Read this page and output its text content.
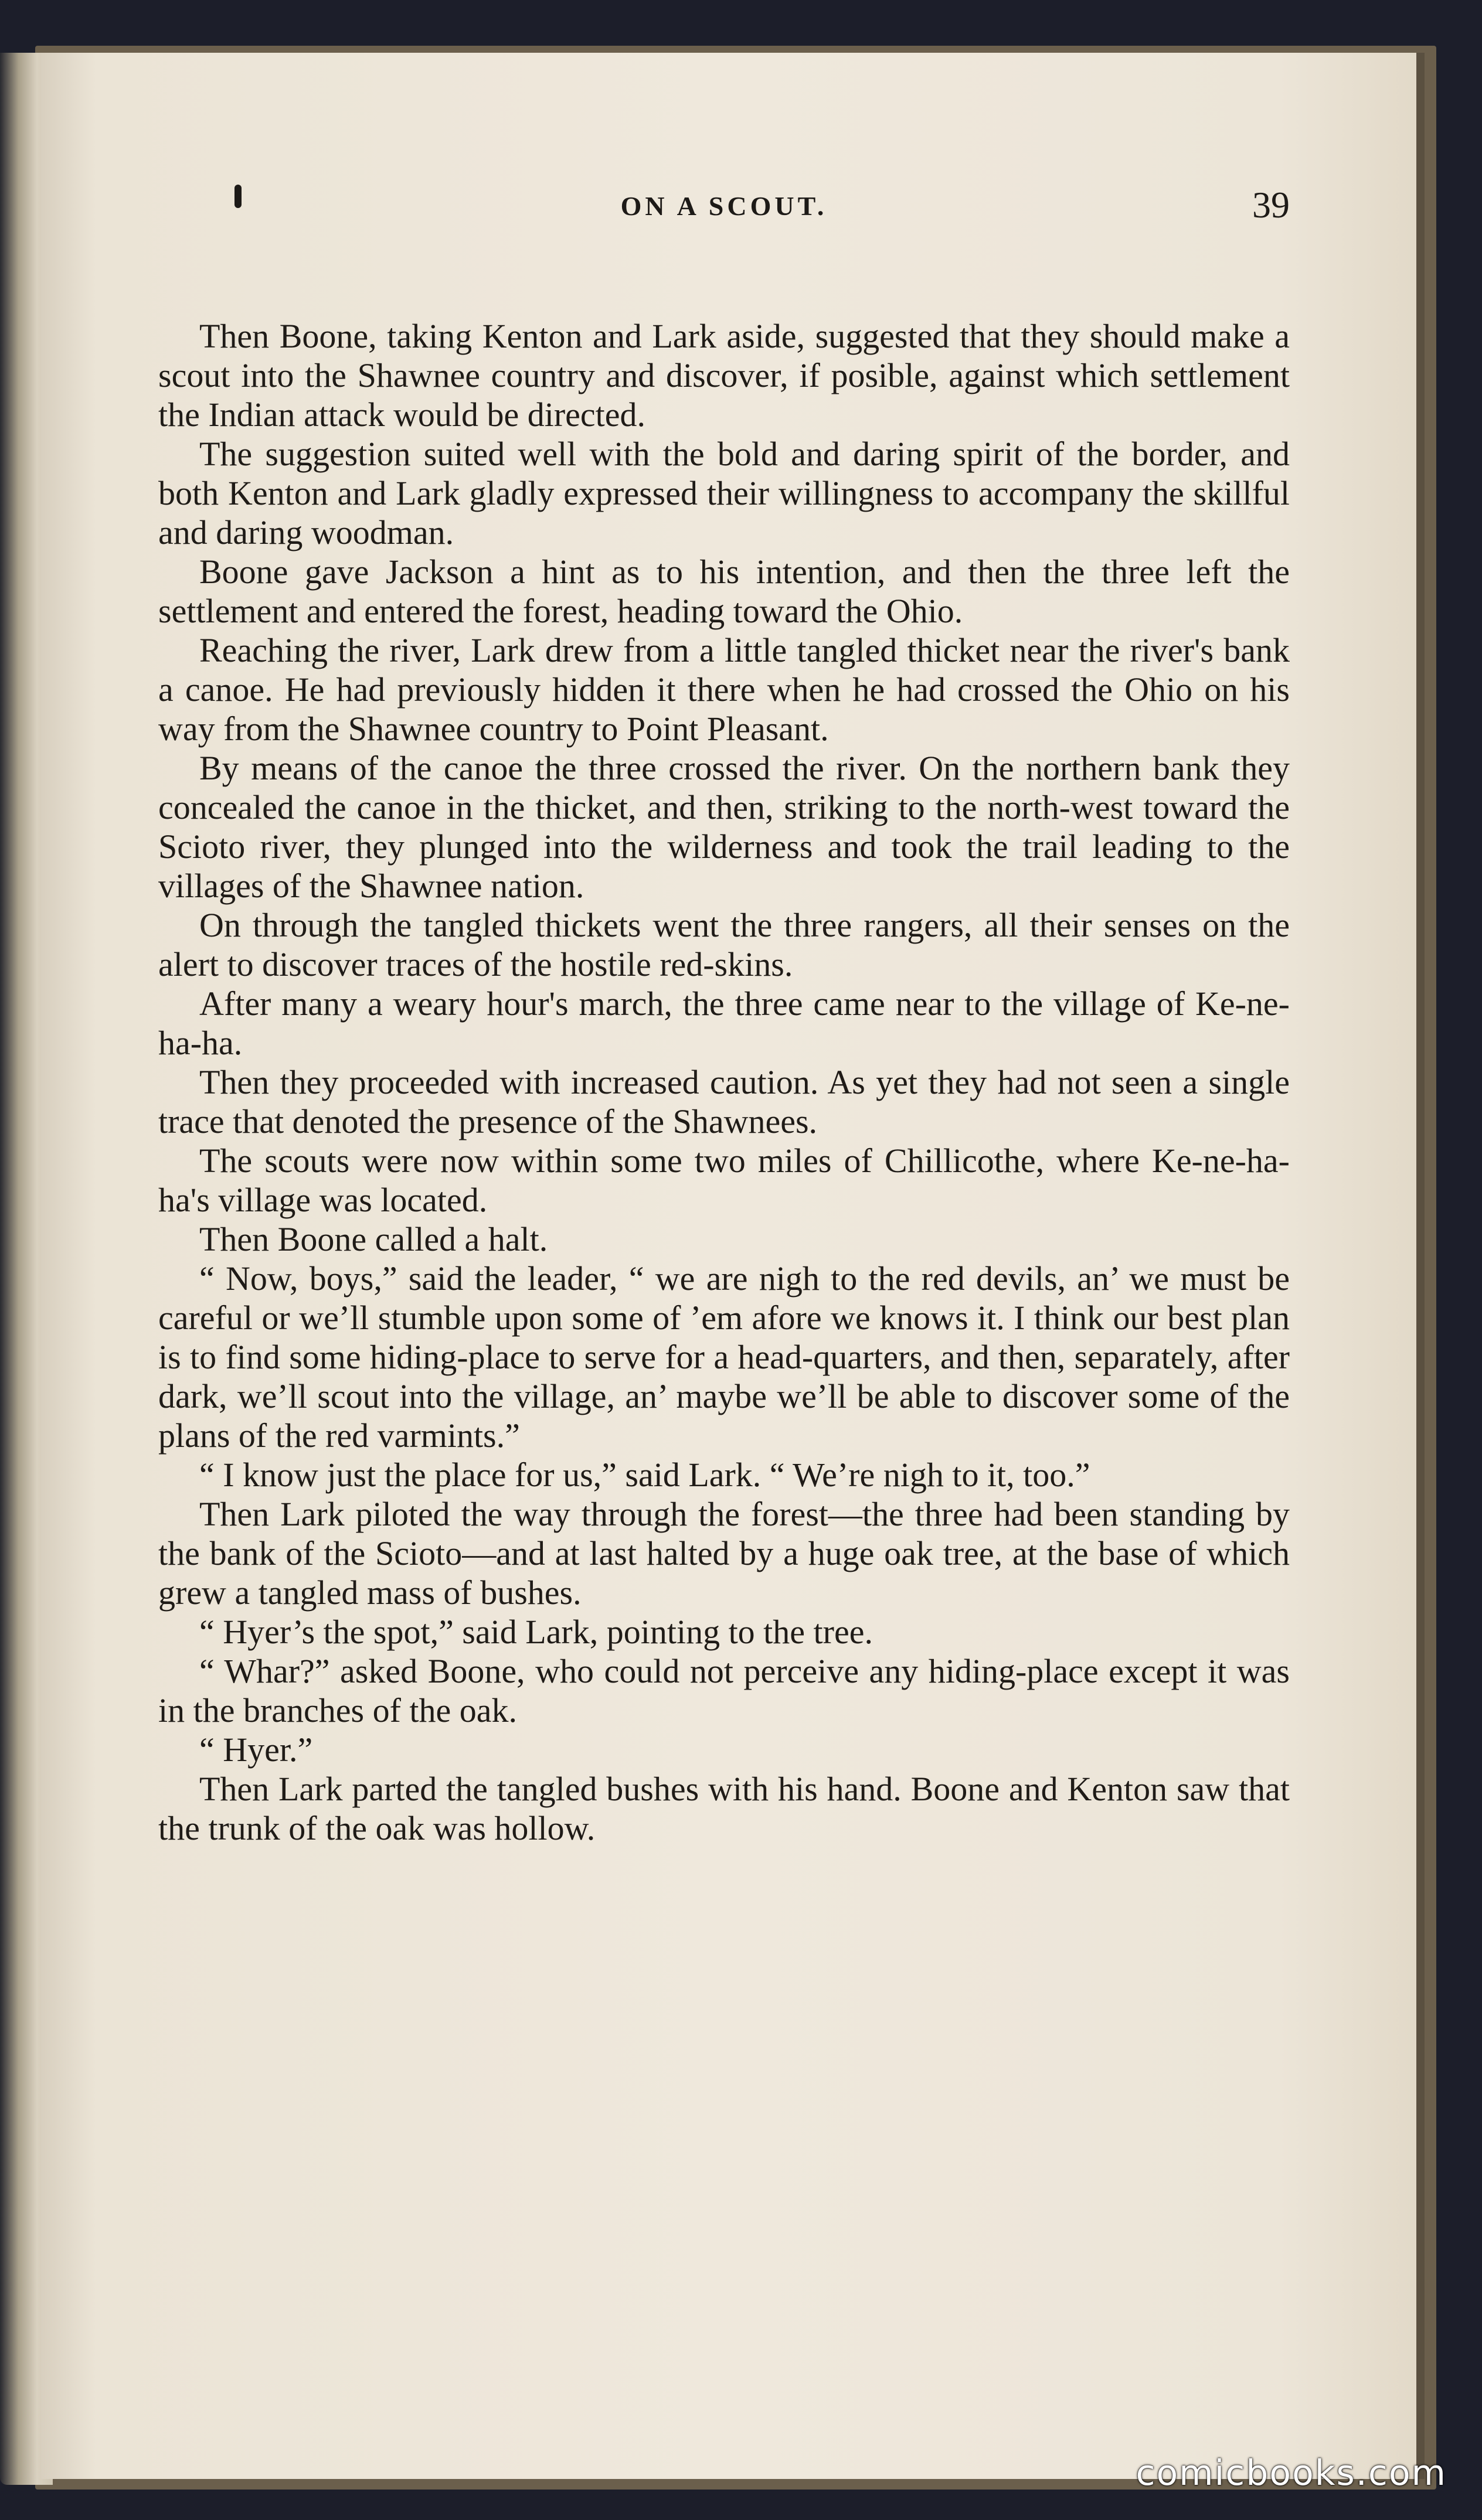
ON A SCOUT.	39

Then Boone, taking Kenton and Lark aside, suggested that they should make a scout into the Shawnee country and discover, if posible, against which settlement the Indian attack would be directed.

The suggestion suited well with the bold and daring spirit of the border, and both Kenton and Lark gladly expressed their willingness to accompany the skillful and daring woodman.

Boone gave Jackson a hint as to his intention, and then the three left the settlement and entered the forest, heading toward the Ohio.

Reaching the river, Lark drew from a little tangled thicket near the river's bank a canoe. He had previously hidden it there when he had crossed the Ohio on his way from the Shawnee country to Point Pleasant.

By means of the canoe the three crossed the river. On the northern bank they concealed the canoe in the thicket, and then, striking to the north-west toward the Scioto river, they plunged into the wilderness and took the trail leading to the villages of the Shawnee nation.

On through the tangled thickets went the three rangers, all their senses on the alert to discover traces of the hostile red-skins.

After many a weary hour's march, the three came near to the village of Ke-ne-ha-ha.

Then they proceeded with increased caution. As yet they had not seen a single trace that denoted the presence of the Shawnees.

The scouts were now within some two miles of Chillicothe, where Ke-ne-ha-ha's village was located.

Then Boone called a halt.

“ Now, boys,” said the leader, “ we are nigh to the red devils, an’ we must be careful or we’ll stumble upon some of ’em afore we knows it. I think our best plan is to find some hiding-place to serve for a head-quarters, and then, separately, after dark, we’ll scout into the village, an’ maybe we’ll be able to discover some of the plans of the red varmints.”

“ I know just the place for us,” said Lark. “ We’re nigh to it, too.”

Then Lark piloted the way through the forest—the three had been standing by the bank of the Scioto—and at last halted by a huge oak tree, at the base of which grew a tangled mass of bushes.

“ Hyer’s the spot,” said Lark, pointing to the tree.

“ Whar?” asked Boone, who could not perceive any hiding-place except it was in the branches of the oak.

“ Hyer.”

Then Lark parted the tangled bushes with his hand. Boone and Kenton saw that the trunk of the oak was hollow.

comicbooks.com
